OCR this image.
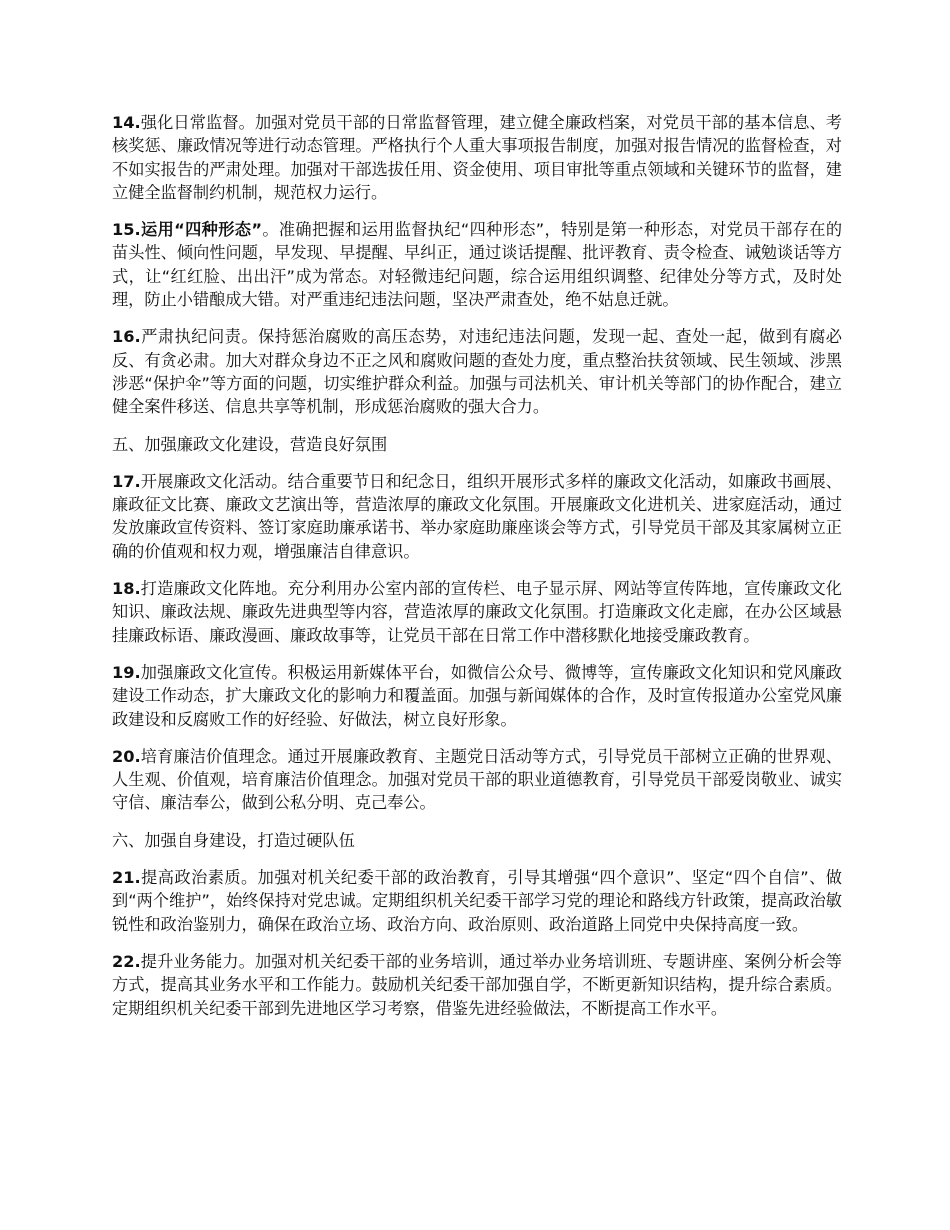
14.强化日常监督。加强对党员干部的日常监督管理，建立健全廉政档案，对党员干部的基本信息、考核奖惩、廉政情况等进行动态管理。严格执行个人重大事项报告制度，加强对报告情况的监督检查，对不如实报告的严肃处理。加强对干部选拔任用、资金使用、项目审批等重点领域和关键环节的监督，建立健全监督制约机制，规范权力运行。

15.运用“四种形态”。准确把握和运用监督执纪“四种形态”，特别是第一种形态，对党员干部存在的苗头性、倾向性问题，早发现、早提醒、早纠正，通过谈话提醒、批评教育、责令检查、诫勉谈话等方式，让“红红脸、出出汗”成为常态。对轻微违纪问题，综合运用组织调整、纪律处分等方式，及时处理，防止小错酿成大错。对严重违纪违法问题，坚决严肃查处，绝不姑息迁就。

16.严肃执纪问责。保持惩治腐败的高压态势，对违纪违法问题，发现一起、查处一起，做到有腐必反、有贪必肃。加大对群众身边不正之风和腐败问题的查处力度，重点整治扶贫领域、民生领域、涉黑涉恶“保护伞”等方面的问题，切实维护群众利益。加强与司法机关、审计机关等部门的协作配合，建立健全案件移送、信息共享等机制，形成惩治腐败的强大合力。

五、加强廉政文化建设，营造良好氛围

17.开展廉政文化活动。结合重要节日和纪念日，组织开展形式多样的廉政文化活动，如廉政书画展、廉政征文比赛、廉政文艺演出等，营造浓厚的廉政文化氛围。开展廉政文化进机关、进家庭活动，通过发放廉政宣传资料、签订家庭助廉承诺书、举办家庭助廉座谈会等方式，引导党员干部及其家属树立正确的价值观和权力观，增强廉洁自律意识。

18.打造廉政文化阵地。充分利用办公室内部的宣传栏、电子显示屏、网站等宣传阵地，宣传廉政文化知识、廉政法规、廉政先进典型等内容，营造浓厚的廉政文化氛围。打造廉政文化走廊，在办公区域悬挂廉政标语、廉政漫画、廉政故事等，让党员干部在日常工作中潜移默化地接受廉政教育。

19.加强廉政文化宣传。积极运用新媒体平台，如微信公众号、微博等，宣传廉政文化知识和党风廉政建设工作动态，扩大廉政文化的影响力和覆盖面。加强与新闻媒体的合作，及时宣传报道办公室党风廉政建设和反腐败工作的好经验、好做法，树立良好形象。

20.培育廉洁价值理念。通过开展廉政教育、主题党日活动等方式，引导党员干部树立正确的世界观、人生观、价值观，培育廉洁价值理念。加强对党员干部的职业道德教育，引导党员干部爱岗敬业、诚实守信、廉洁奉公，做到公私分明、克己奉公。

六、加强自身建设，打造过硬队伍

21.提高政治素质。加强对机关纪委干部的政治教育，引导其增强“四个意识”、坚定“四个自信”、做到“两个维护”，始终保持对党忠诚。定期组织机关纪委干部学习党的理论和路线方针政策，提高政治敏锐性和政治鉴别力，确保在政治立场、政治方向、政治原则、政治道路上同党中央保持高度一致。

22.提升业务能力。加强对机关纪委干部的业务培训，通过举办业务培训班、专题讲座、案例分析会等方式，提高其业务水平和工作能力。鼓励机关纪委干部加强自学，不断更新知识结构，提升综合素质。定期组织机关纪委干部到先进地区学习考察，借鉴先进经验做法，不断提高工作水平。
